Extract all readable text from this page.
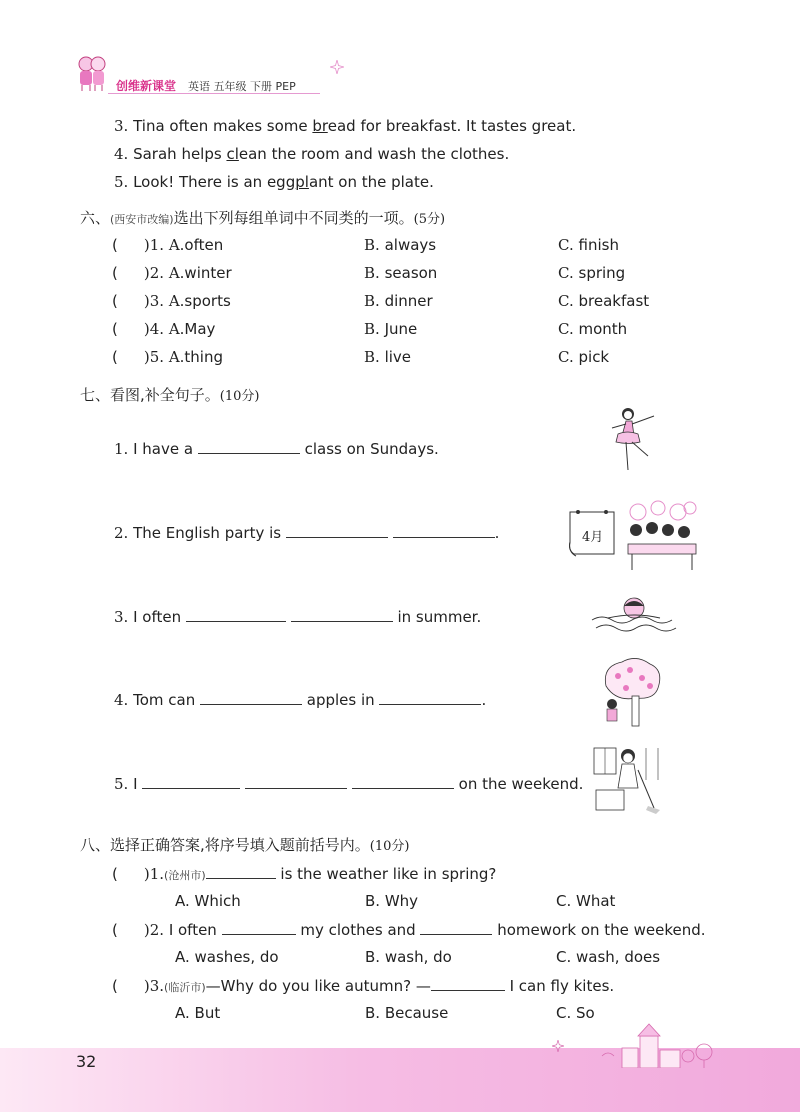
创维新课堂 英语 五年级 下册 PEP
3. Tina often makes some bread for breakfast. It tastes great.
4. Sarah helps clean the room and wash the clothes.
5. Look! There is an eggplant on the plate.
六、(西安市改编)选出下列每组单词中不同类的一项。(5分)
( )1. A.often	B. always	C. finish
( )2. A.winter	B. season	C. spring
( )3. A.sports	B. dinner	C. breakfast
( )4. A.May	B. June	C. month
( )5. A.thing	B. live	C. pick
七、看图,补全句子。(10分)
1. I have a	class on Sundays.
2. The English party is	.	4月
3. I often	in summer.
4. Tom can	apples in	.
5. I	on the weekend.
八、选择正确答案,将序号填入题前括号内。(10分)
( )1.(沧州市)	is the weather like in spring?
A. Which	B. Why	C. What
( )2. I often	my clothes and	homework on the weekend.
A. washes, do	B. wash, do	C. wash, does
( )3.(临沂市)—Why do you like autumn? —	I can fly kites.
A. But	B. Because	C. So
32
